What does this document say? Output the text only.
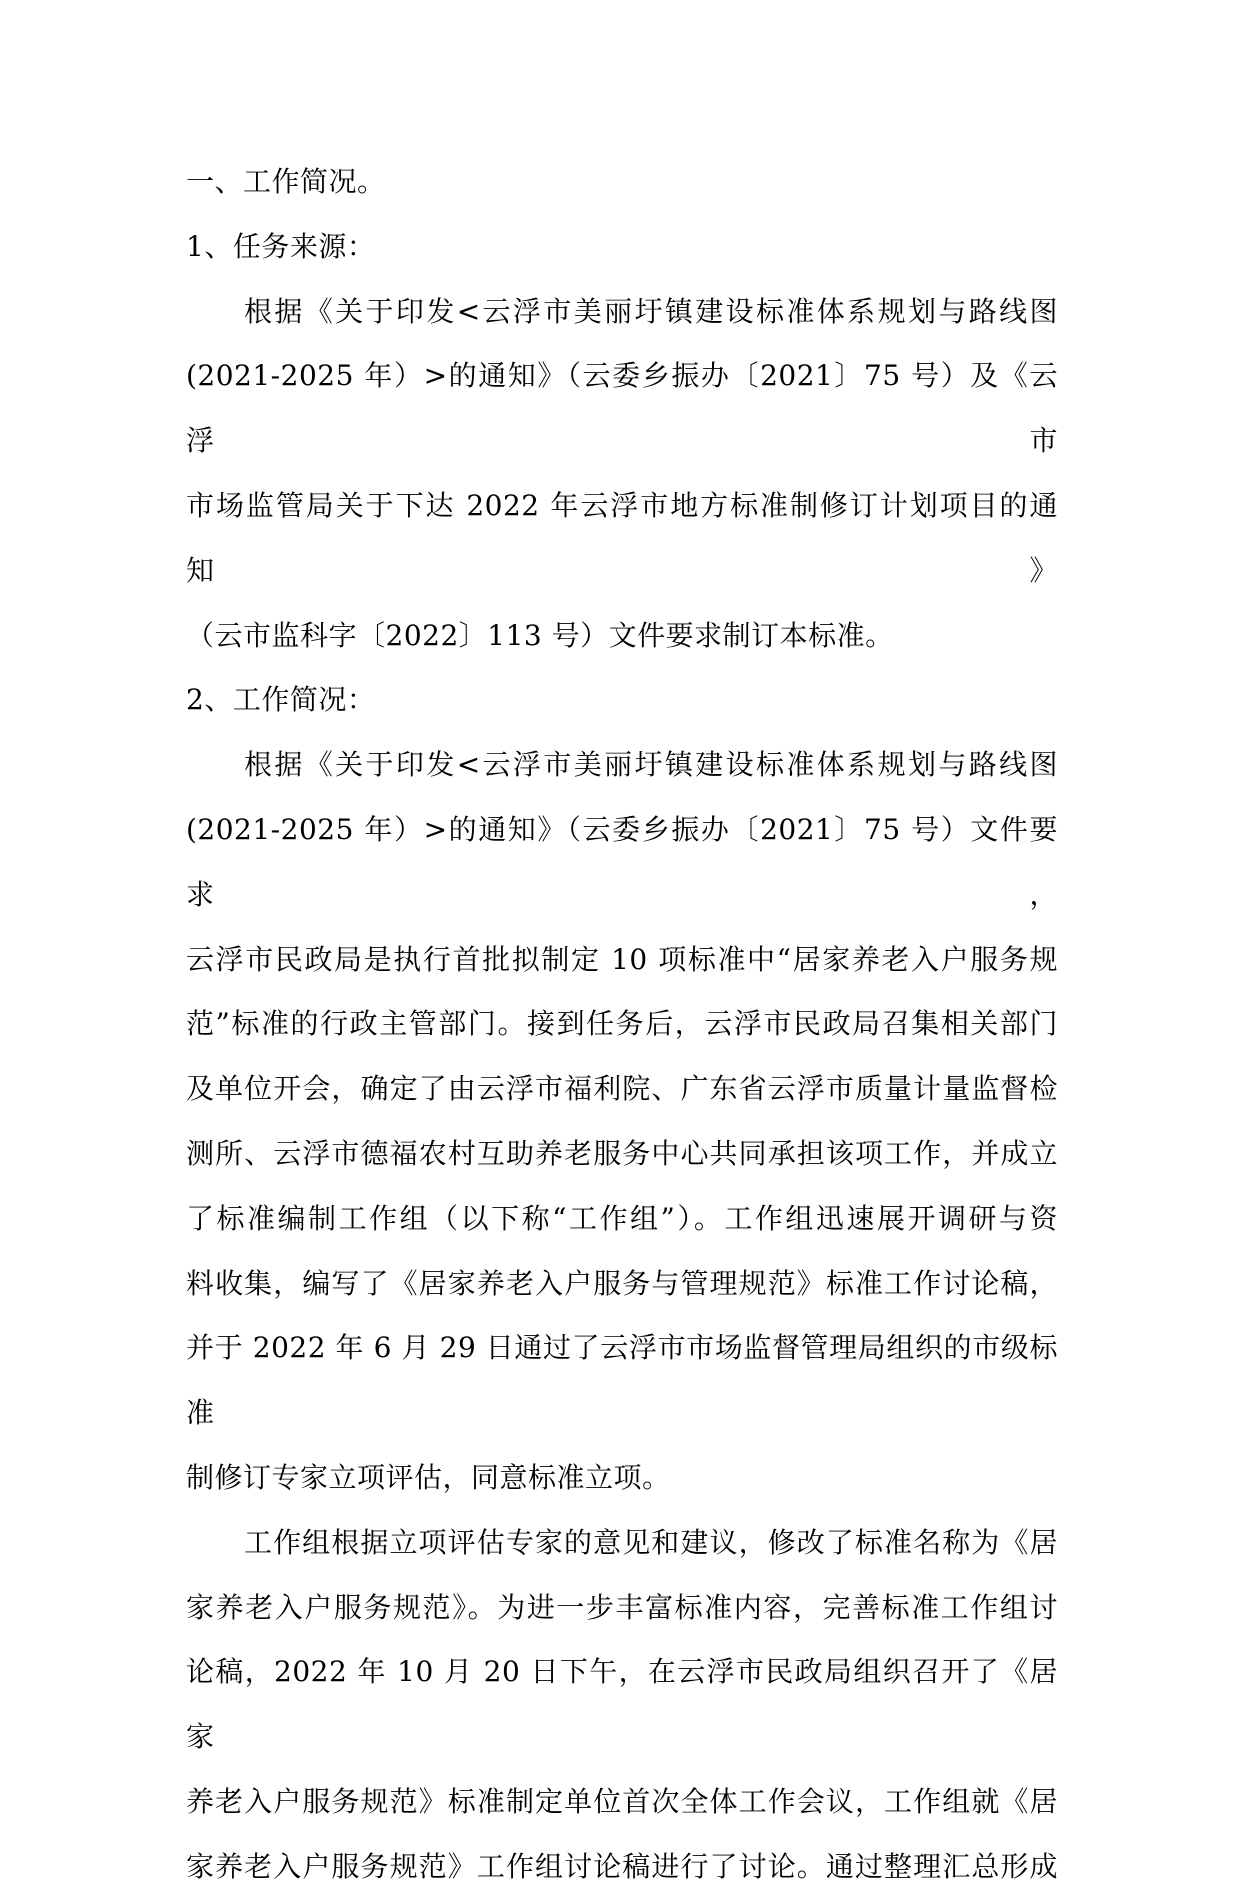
一、工作简况。
1、任务来源：
根据《关于印发<云浮市美丽圩镇建设标准体系规划与路线图
(2021-2025 年）>的通知》（云委乡振办〔2021〕75 号）及《云浮市
市场监管局关于下达 2022 年云浮市地方标准制修订计划项目的通知》
（云市监科字〔2022〕113 号）文件要求制订本标准。
2、工作简况：
根据《关于印发<云浮市美丽圩镇建设标准体系规划与路线图
(2021-2025 年）>的通知》（云委乡振办〔2021〕75 号）文件要求，
云浮市民政局是执行首批拟制定 10 项标准中“居家养老入户服务规
范”标准的行政主管部门。接到任务后，云浮市民政局召集相关部门
及单位开会，确定了由云浮市福利院、广东省云浮市质量计量监督检
测所、云浮市德福农村互助养老服务中心共同承担该项工作，并成立
了标准编制工作组（以下称“工作组”）。工作组迅速展开调研与资
料收集，编写了《居家养老入户服务与管理规范》标准工作讨论稿，
并于 2022 年 6 月 29 日通过了云浮市市场监督管理局组织的市级标准
制修订专家立项评估，同意标准立项。
工作组根据立项评估专家的意见和建议，修改了标准名称为《居
家养老入户服务规范》。为进一步丰富标准内容，完善标准工作组讨
论稿，2022 年 10 月 20 日下午，在云浮市民政局组织召开了《居家
养老入户服务规范》标准制定单位首次全体工作会议，工作组就《居
家养老入户服务规范》工作组讨论稿进行了讨论。通过整理汇总形成
